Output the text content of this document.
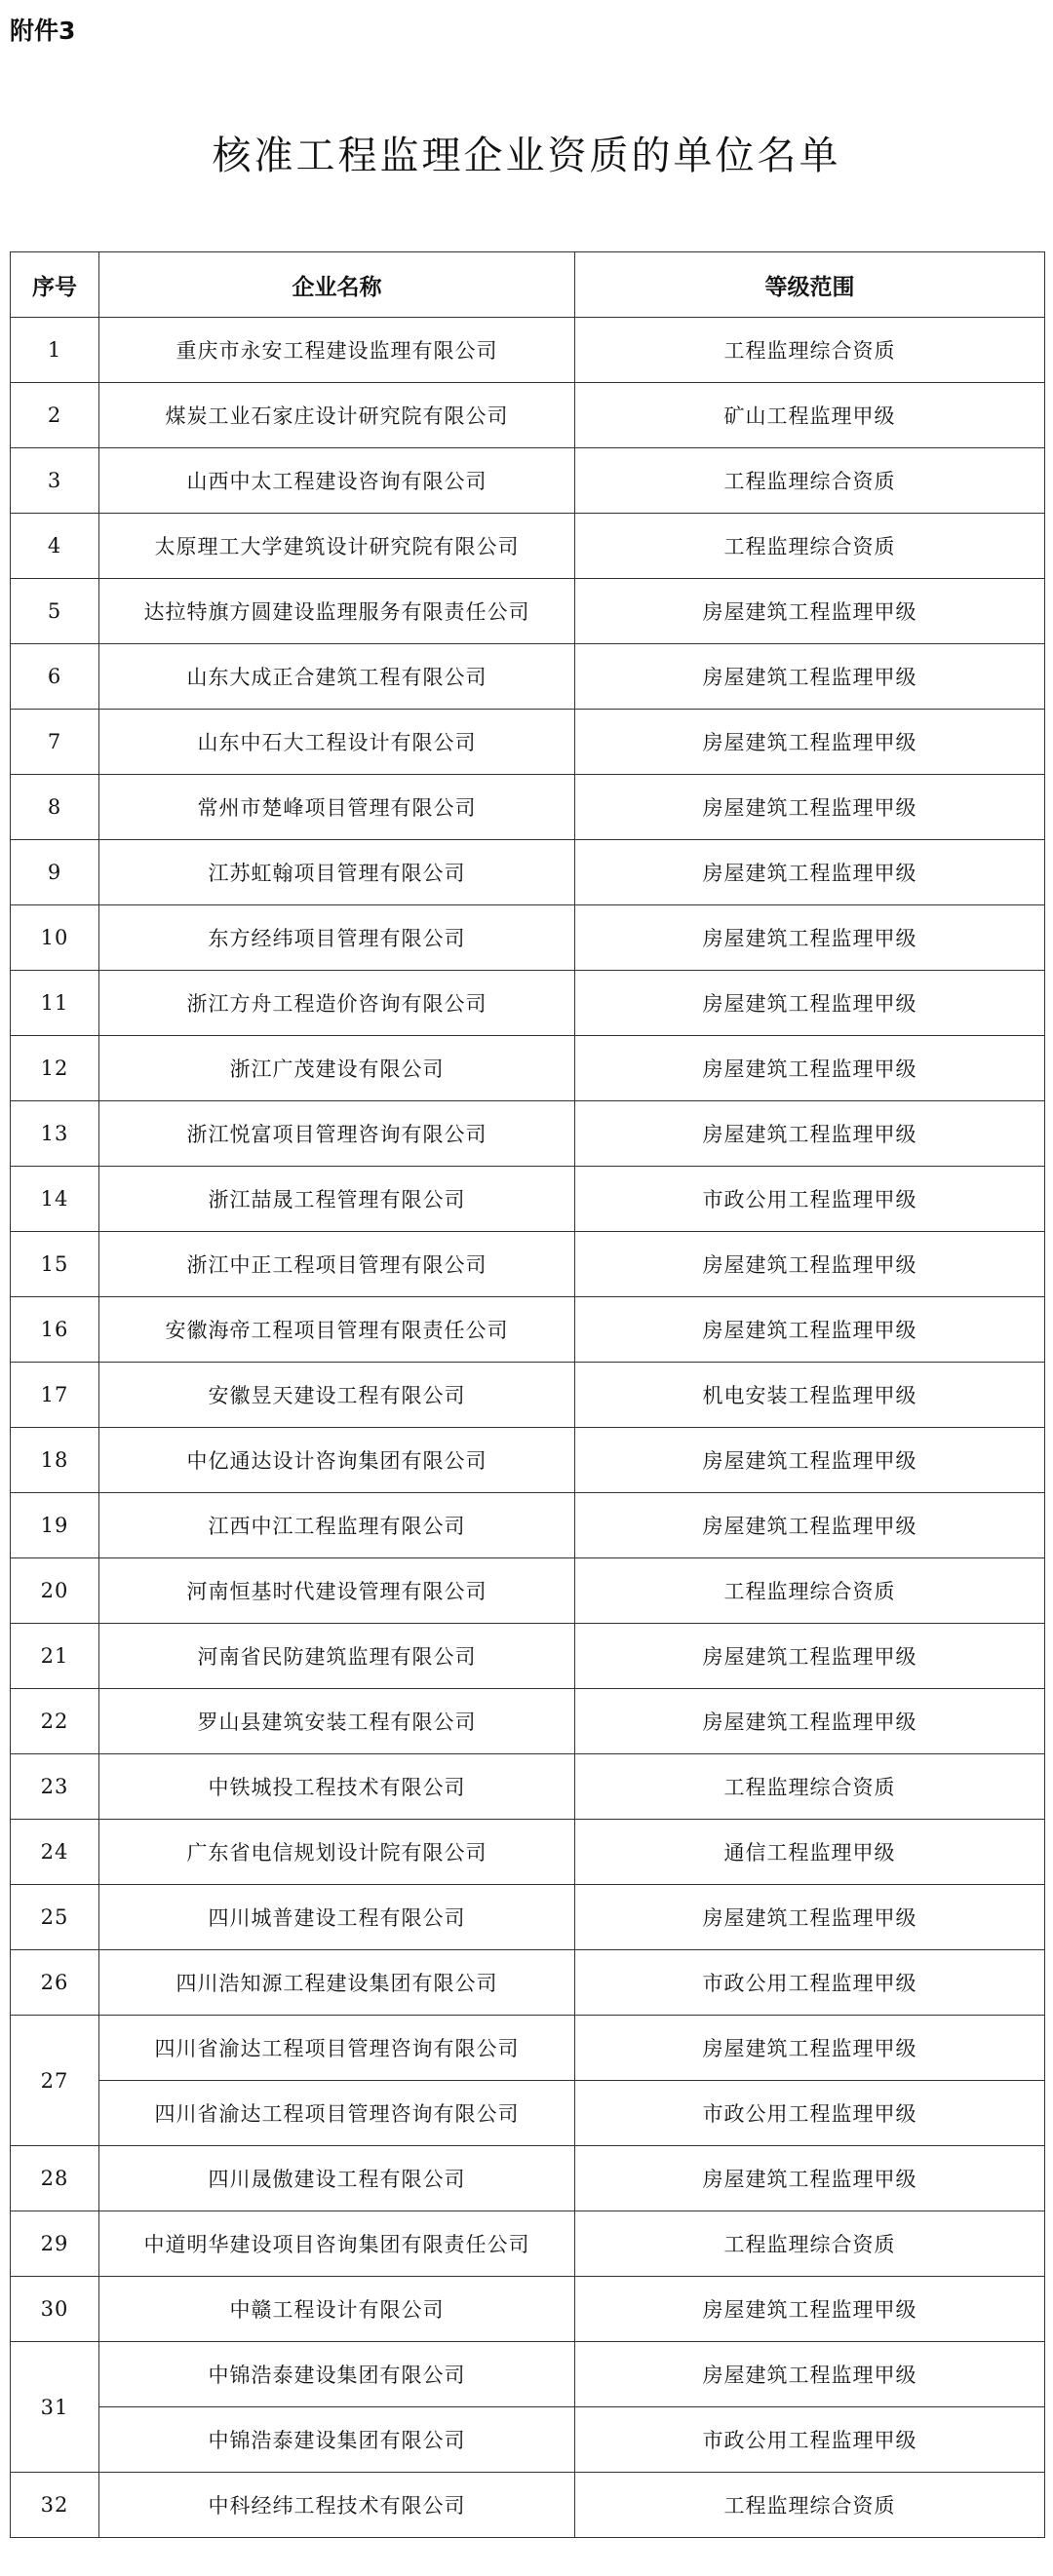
附件3
核准工程监理企业资质的单位名单
序号	企业名称	等级范围
1	重庆市永安工程建设监理有限公司	工程监理综合资质
2	煤炭工业石家庄设计研究院有限公司	矿山工程监理甲级
3	山西中太工程建设咨询有限公司	工程监理综合资质
4	太原理工大学建筑设计研究院有限公司	工程监理综合资质
5	达拉特旗方圆建设监理服务有限责任公司	房屋建筑工程监理甲级
6	山东大成正合建筑工程有限公司	房屋建筑工程监理甲级
7	山东中石大工程设计有限公司	房屋建筑工程监理甲级
8	常州市楚峰项目管理有限公司	房屋建筑工程监理甲级
9	江苏虹翰项目管理有限公司	房屋建筑工程监理甲级
10	东方经纬项目管理有限公司	房屋建筑工程监理甲级
11	浙江方舟工程造价咨询有限公司	房屋建筑工程监理甲级
12	浙江广茂建设有限公司	房屋建筑工程监理甲级
13	浙江悦富项目管理咨询有限公司	房屋建筑工程监理甲级
14	浙江喆晟工程管理有限公司	市政公用工程监理甲级
15	浙江中正工程项目管理有限公司	房屋建筑工程监理甲级
16	安徽海帝工程项目管理有限责任公司	房屋建筑工程监理甲级
17	安徽昱天建设工程有限公司	机电安装工程监理甲级
18	中亿通达设计咨询集团有限公司	房屋建筑工程监理甲级
19	江西中江工程监理有限公司	房屋建筑工程监理甲级
20	河南恒基时代建设管理有限公司	工程监理综合资质
21	河南省民防建筑监理有限公司	房屋建筑工程监理甲级
22	罗山县建筑安装工程有限公司	房屋建筑工程监理甲级
23	中铁城投工程技术有限公司	工程监理综合资质
24	广东省电信规划设计院有限公司	通信工程监理甲级
25	四川城普建设工程有限公司	房屋建筑工程监理甲级
26	四川浩知源工程建设集团有限公司	市政公用工程监理甲级
27	四川省渝达工程项目管理咨询有限公司	房屋建筑工程监理甲级
	四川省渝达工程项目管理咨询有限公司	市政公用工程监理甲级
28	四川晟傲建设工程有限公司	房屋建筑工程监理甲级
29	中道明华建设项目咨询集团有限责任公司	工程监理综合资质
30	中赣工程设计有限公司	房屋建筑工程监理甲级
31	中锦浩泰建设集团有限公司	房屋建筑工程监理甲级
	中锦浩泰建设集团有限公司	市政公用工程监理甲级
32	中科经纬工程技术有限公司	工程监理综合资质
